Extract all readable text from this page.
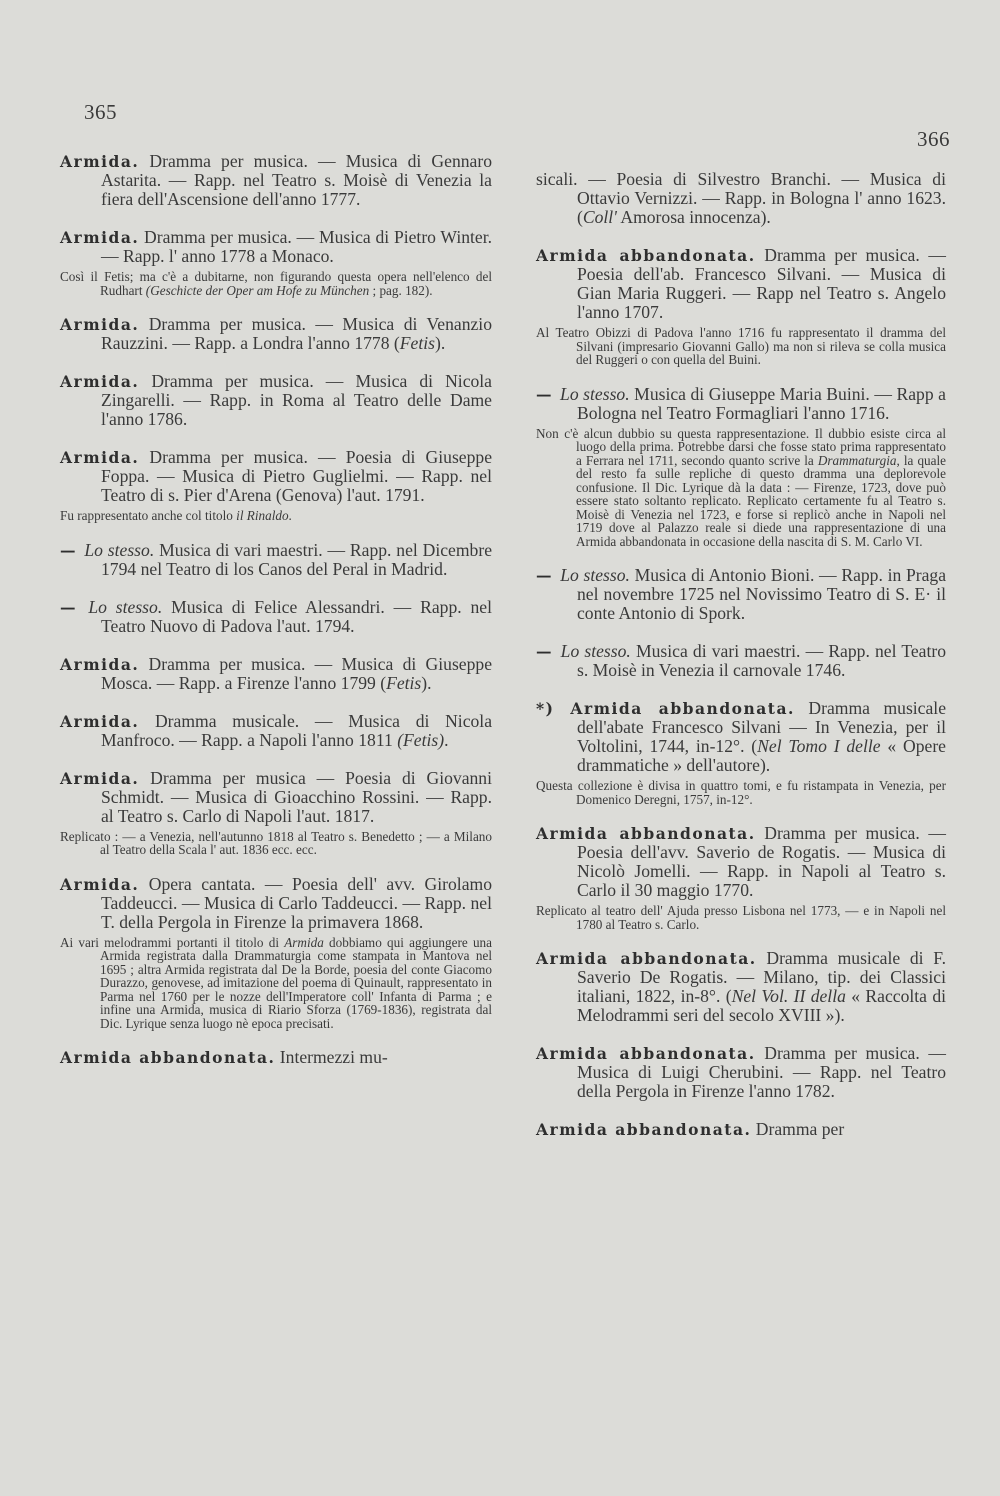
365
366

Armida. Dramma per musica. — Musica di Gennaro Astarita. — Rapp. nel Teatro s. Moisè di Venezia la fiera dell'Ascensione dell'anno 1777.

Armida. Dramma per musica. — Musica di Pietro Winter. — Rapp. l' anno 1778 a Monaco.

Così il Fetis; ma c'è a dubitarne, non figurando questa opera nell'elenco del Rudhart (Geschicte der Oper am Hofe zu München ; pag. 182).

Armida. Dramma per musica. — Musica di Venanzio Rauzzini. — Rapp. a Londra l'anno 1778 (Fetis).

Armida. Dramma per musica. — Musica di Nicola Zingarelli. — Rapp. in Roma al Teatro delle Dame l'anno 1786.

Armida. Dramma per musica. — Poesia di Giuseppe Foppa. — Musica di Pietro Guglielmi. — Rapp. nel Teatro di s. Pier d'Arena (Genova) l'aut. 1791.

Fu rappresentato anche col titolo il Rinaldo.

— Lo stesso. Musica di vari maestri. — Rapp. nel Dicembre 1794 nel Teatro di los Canos del Peral in Madrid.

— Lo stesso. Musica di Felice Alessandri. — Rapp. nel Teatro Nuovo di Padova l'aut. 1794.

Armida. Dramma per musica. — Musica di Giuseppe Mosca. — Rapp. a Firenze l'anno 1799 (Fetis).

Armida. Dramma musicale. — Musica di Nicola Manfroco. — Rapp. a Napoli l'anno 1811 (Fetis).

Armida. Dramma per musica — Poesia di Giovanni Schmidt. — Musica di Gioacchino Rossini. — Rapp. al Teatro s. Carlo di Napoli l'aut. 1817.

Replicato : — a Venezia, nell'autunno 1818 al Teatro s. Benedetto ; — a Milano al Teatro della Scala l' aut. 1836 ecc. ecc.

Armida. Opera cantata. — Poesia dell' avv. Girolamo Taddeucci. — Musica di Carlo Taddeucci. — Rapp. nel T. della Pergola in Firenze la primavera 1868.

Ai vari melodrammi portanti il titolo di Armida dobbiamo qui aggiungere una Armida registrata dalla Drammaturgia come stampata in Mantova nel 1695 ; altra Armida registrata dal De la Borde, poesia del conte Giacomo Durazzo, genovese, ad imitazione del poema di Quinault, rappresentato in Parma nel 1760 per le nozze dell'Imperatore coll' Infanta di Parma ; e infine una Armida, musica di Riario Sforza (1769-1836), registrata dal Dic. Lyrique senza luogo nè epoca precisati.

Armida abbandonata. Intermezzi mu-

sicali. — Poesia di Silvestro Branchi. — Musica di Ottavio Vernizzi. — Rapp. in Bologna l' anno 1623. (Coll' Amorosa innocenza).

Armida abbandonata. Dramma per musica. — Poesia dell'ab. Francesco Silvani. — Musica di Gian Maria Ruggeri. — Rapp nel Teatro s. Angelo l'anno 1707.

Al Teatro Obizzi di Padova l'anno 1716 fu rappresentato il dramma del Silvani (impresario Giovanni Gallo) ma non si rileva se colla musica del Ruggeri o con quella del Buini.

— Lo stesso. Musica di Giuseppe Maria Buini. — Rapp a Bologna nel Teatro Formagliari l'anno 1716.

Non c'è alcun dubbio su questa rappresentazione. Il dubbio esiste circa al luogo della prima. Potrebbe darsi che fosse stato prima rappresentato a Ferrara nel 1711, secondo quanto scrive la Drammaturgia, la quale del resto fa sulle repliche di questo dramma una deplorevole confusione. Il Dic. Lyrique dà la data : — Firenze, 1723, dove può essere stato soltanto replicato. Replicato certamente fu al Teatro s. Moisè di Venezia nel 1723, e forse si replicò anche in Napoli nel 1719 dove al Palazzo reale si diede una rappresentazione di una Armida abbandonata in occasione della nascita di S. M. Carlo VI.

— Lo stesso. Musica di Antonio Bioni. — Rapp. in Praga nel novembre 1725 nel Novissimo Teatro di S. E· il conte Antonio di Spork.

— Lo stesso. Musica di vari maestri. — Rapp. nel Teatro s. Moisè in Venezia il carnovale 1746.

*) Armida abbandonata. Dramma musicale dell'abate Francesco Silvani — In Venezia, per il Voltolini, 1744, in-12°. (Nel Tomo I delle « Opere drammatiche » dell'autore).

Questa collezione è divisa in quattro tomi, e fu ristampata in Venezia, per Domenico Deregni, 1757, in-12°.

Armida abbandonata. Dramma per musica. — Poesia dell'avv. Saverio de Rogatis. — Musica di Nicolò Jomelli. — Rapp. in Napoli al Teatro s. Carlo il 30 maggio 1770.

Replicato al teatro dell' Ajuda presso Lisbona nel 1773, — e in Napoli nel 1780 al Teatro s. Carlo.

Armida abbandonata. Dramma musicale di F. Saverio De Rogatis. — Milano, tip. dei Classici italiani, 1822, in-8°. (Nel Vol. II della « Raccolta di Melodrammi seri del secolo XVIII »).

Armida abbandonata. Dramma per musica. — Musica di Luigi Cherubini. — Rapp. nel Teatro della Pergola in Firenze l'anno 1782.

Armida abbandonata. Dramma per
